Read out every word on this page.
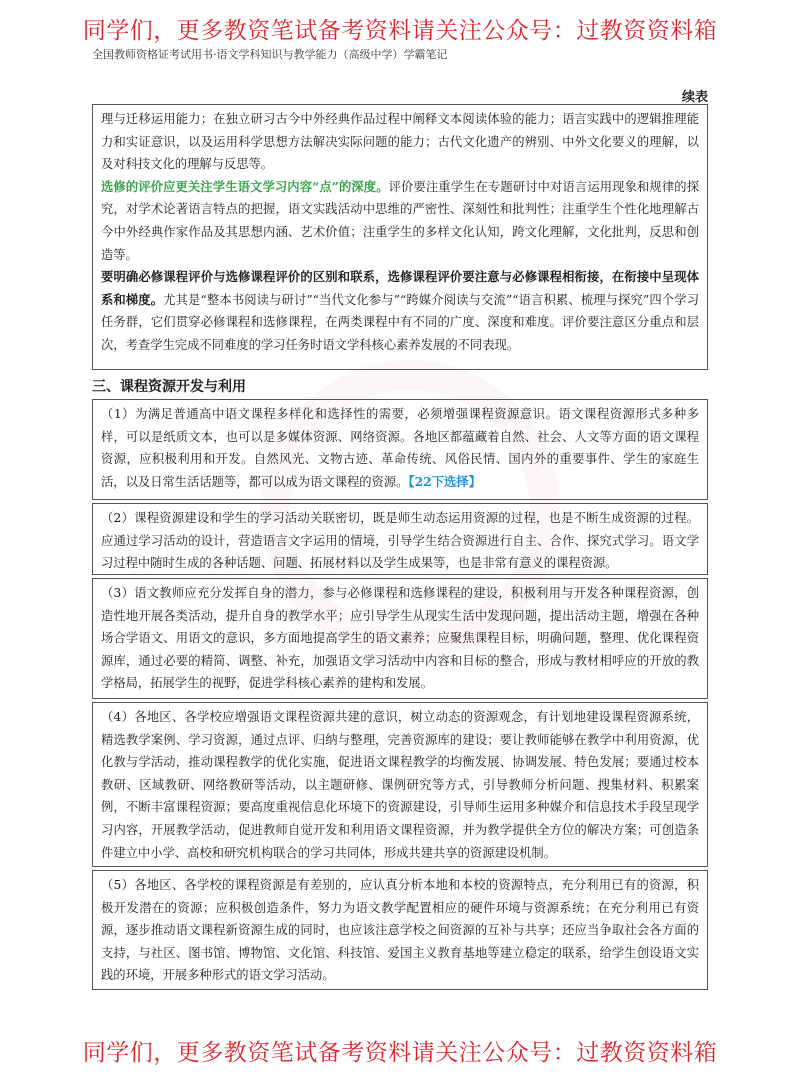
同学们，更多教资笔试备考资料请关注公众号：过教资资料箱
全国教师资格证考试用书·语文学科知识与教学能力（高级中学）学霸笔记
续表

理与迁移运用能力；在独立研习古今中外经典作品过程中阐释文本阅读体验的能力；语言实践中的逻辑推理能力和实证意识，以及运用科学思想方法解决实际问题的能力；古代文化遗产的辨别、中外文化要义的理解，以及对科技文化的理解与反思等。

选修的评价应更关注学生语文学习内容“点”的深度。评价要注重学生在专题研讨中对语言运用现象和规律的探究，对学术论著语言特点的把握，语文实践活动中思维的严密性、深刻性和批判性；注重学生个性化地理解古今中外经典作家作品及其思想内涵、艺术价值；注重学生的多样文化认知，跨文化理解，文化批判，反思和创造等。

要明确必修课程评价与选修课程评价的区别和联系，选修课程评价要注意与必修课程相衔接，在衔接中呈现体系和梯度。尤其是“整本书阅读与研讨”“当代文化参与”“跨媒介阅读与交流”“语言积累、梳理与探究”四个学习任务群，它们贯穿必修课程和选修课程，在两类课程中有不同的广度、深度和难度。评价要注意区分重点和层次，考查学生完成不同难度的学习任务时语文学科核心素养发展的不同表现。

三、课程资源开发与利用

（1）为满足普通高中语文课程多样化和选择性的需要，必须增强课程资源意识。语文课程资源形式多种多样，可以是纸质文本，也可以是多媒体资源、网络资源。各地区都蕴藏着自然、社会、人文等方面的语文课程资源，应积极利用和开发。自然风光、文物古迹、革命传统、风俗民情、国内外的重要事件、学生的家庭生活，以及日常生活话题等，都可以成为语文课程的资源。【22下选择】

（2）课程资源建设和学生的学习活动关联密切，既是师生动态运用资源的过程，也是不断生成资源的过程。应通过学习活动的设计，营造语言文字运用的情境，引导学生结合资源进行自主、合作、探究式学习。语文学习过程中随时生成的各种话题、问题、拓展材料以及学生成果等，也是非常有意义的课程资源。

（3）语文教师应充分发挥自身的潜力，参与必修课程和选修课程的建设，积极利用与开发各种课程资源，创造性地开展各类活动，提升自身的教学水平；应引导学生从现实生活中发现问题，提出活动主题，增强在各种场合学语文、用语文的意识，多方面地提高学生的语文素养；应聚焦课程目标，明确问题，整理、优化课程资源库，通过必要的精简、调整、补充，加强语文学习活动中内容和目标的整合，形成与教材相呼应的开放的教学格局，拓展学生的视野，促进学科核心素养的建构和发展。

（4）各地区、各学校应增强语文课程资源共建的意识，树立动态的资源观念，有计划地建设课程资源系统，精选教学案例、学习资源，通过点评、归纳与整理，完善资源库的建设；要让教师能够在教学中利用资源，优化教与学活动，推动课程教学的优化实施，促进语文课程教学的均衡发展、协调发展、特色发展；要通过校本教研、区域教研、网络教研等活动，以主题研修、课例研究等方式，引导教师分析问题、搜集材料、积累案例，不断丰富课程资源；要高度重视信息化环境下的资源建设，引导师生运用多种媒介和信息技术手段呈现学习内容，开展教学活动，促进教师自觉开发和利用语文课程资源，并为教学提供全方位的解决方案；可创造条件建立中小学、高校和研究机构联合的学习共同体，形成共建共享的资源建设机制。

（5）各地区、各学校的课程资源是有差别的，应认真分析本地和本校的资源特点，充分利用已有的资源，积极开发潜在的资源；应积极创造条件，努力为语文教学配置相应的硬件环境与资源系统；在充分利用已有资源，逐步推动语文课程新资源生成的同时，也应该注意学校之间资源的互补与共享；还应当争取社会各方面的支持，与社区、图书馆、博物馆、文化馆、科技馆、爱国主义教育基地等建立稳定的联系，给学生创设语文实践的环境，开展多种形式的语文学习活动。

同学们，更多教资笔试备考资料请关注公众号：过教资资料箱
